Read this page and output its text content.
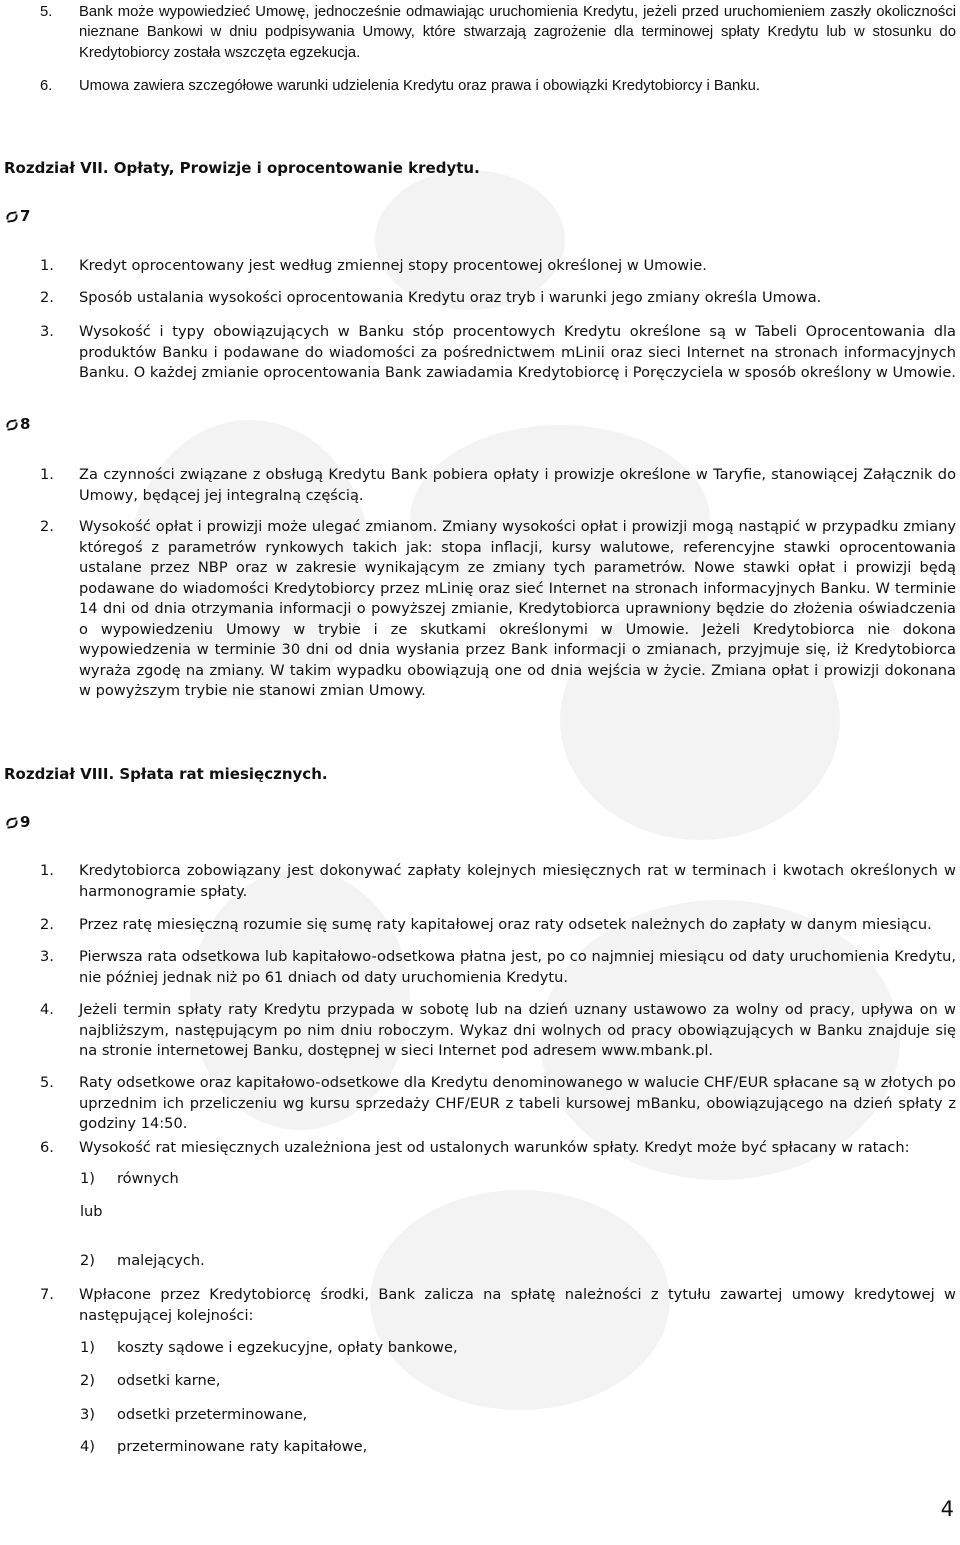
5.	Bank może wypowiedzieć Umowę, jednocześnie odmawiając uruchomienia Kredytu, jeżeli przed uruchomieniem zaszły okoliczności nieznane Bankowi w dniu podpisywania Umowy, które stwarzają zagrożenie dla terminowej spłaty Kredytu lub w stosunku do Kredytobiorcy została wszczęta egzekucja.
6.	Umowa zawiera szczegółowe warunki udzielenia Kredytu oraz prawa i obowiązki Kredytobiorcy i Banku.
Rozdział VII. Opłaty, Prowizje i oprocentowanie kredytu.
7
1.	Kredyt oprocentowany jest według zmiennej stopy procentowej określonej w Umowie.
2.	Sposób ustalania wysokości oprocentowania Kredytu oraz tryb i warunki jego zmiany określa Umowa.
3.	Wysokość i typy obowiązujących w Banku stóp procentowych Kredytu określone są w Tabeli Oprocentowania dla produktów Banku i podawane do wiadomości za pośrednictwem mLinii oraz sieci Internet na stronach informacyjnych Banku. O każdej zmianie oprocentowania Bank zawiadamia Kredytobiorcę i Poręczyciela w sposób określony w Umowie.
8
1.	Za czynności związane z obsługą Kredytu Bank pobiera opłaty i prowizje określone w Taryfie, stanowiącej Załącznik do Umowy, będącej jej integralną częścią.
2.	Wysokość opłat i prowizji może ulegać zmianom. Zmiany wysokości opłat i prowizji mogą nastąpić w przypadku zmiany któregoś z parametrów rynkowych takich jak: stopa inflacji, kursy walutowe, referencyjne stawki oprocentowania ustalane przez NBP oraz w zakresie wynikającym ze zmiany tych parametrów. Nowe stawki opłat i prowizji będą podawane do wiadomości Kredytobiorcy przez mLinię oraz sieć Internet na stronach informacyjnych Banku. W terminie 14 dni od dnia otrzymania informacji o powyższej zmianie, Kredytobiorca uprawniony będzie do złożenia oświadczenia o wypowiedzeniu Umowy w trybie i ze skutkami określonymi w Umowie. Jeżeli Kredytobiorca nie dokona wypowiedzenia w terminie 30 dni od dnia wysłania przez Bank informacji o zmianach, przyjmuje się, iż Kredytobiorca wyraża zgodę na zmiany. W takim wypadku obowiązują one od dnia wejścia w życie. Zmiana opłat i prowizji dokonana w powyższym trybie nie stanowi zmian Umowy.
Rozdział VIII. Spłata rat miesięcznych.
9
1.	Kredytobiorca zobowiązany jest dokonywać zapłaty kolejnych miesięcznych rat w terminach i kwotach określonych w harmonogramie spłaty.
2.	Przez ratę miesięczną rozumie się sumę raty kapitałowej oraz raty odsetek należnych do zapłaty w danym miesiącu.
3.	Pierwsza rata odsetkowa lub kapitałowo-odsetkowa płatna jest, po co najmniej miesiącu od daty uruchomienia Kredytu, nie później jednak niż po 61 dniach od daty uruchomienia Kredytu.
4.	Jeżeli termin spłaty raty Kredytu przypada w sobotę lub na dzień uznany ustawowo za wolny od pracy, upływa on w najbliższym, następującym po nim dniu roboczym. Wykaz dni wolnych od pracy obowiązujących w Banku znajduje się na stronie internetowej Banku, dostępnej w sieci Internet pod adresem www.mbank.pl.
5.	Raty odsetkowe oraz kapitałowo-odsetkowe dla Kredytu denominowanego w walucie CHF/EUR spłacane są w złotych po uprzednim ich przeliczeniu wg kursu sprzedaży CHF/EUR z tabeli kursowej mBanku, obowiązującego na dzień spłaty z godziny 14:50.
6.	Wysokość rat miesięcznych uzależniona jest od ustalonych warunków spłaty. Kredyt może być spłacany w ratach:
1)	równych
lub
2)	malejących.
7.	Wpłacone przez Kredytobiorcę środki, Bank zalicza na spłatę należności z tytułu zawartej umowy kredytowej w następującej kolejności:
1)	koszty sądowe i egzekucyjne, opłaty bankowe,
2)	odsetki karne,
3)	odsetki przeterminowane,
4)	przeterminowane raty kapitałowe,
4
